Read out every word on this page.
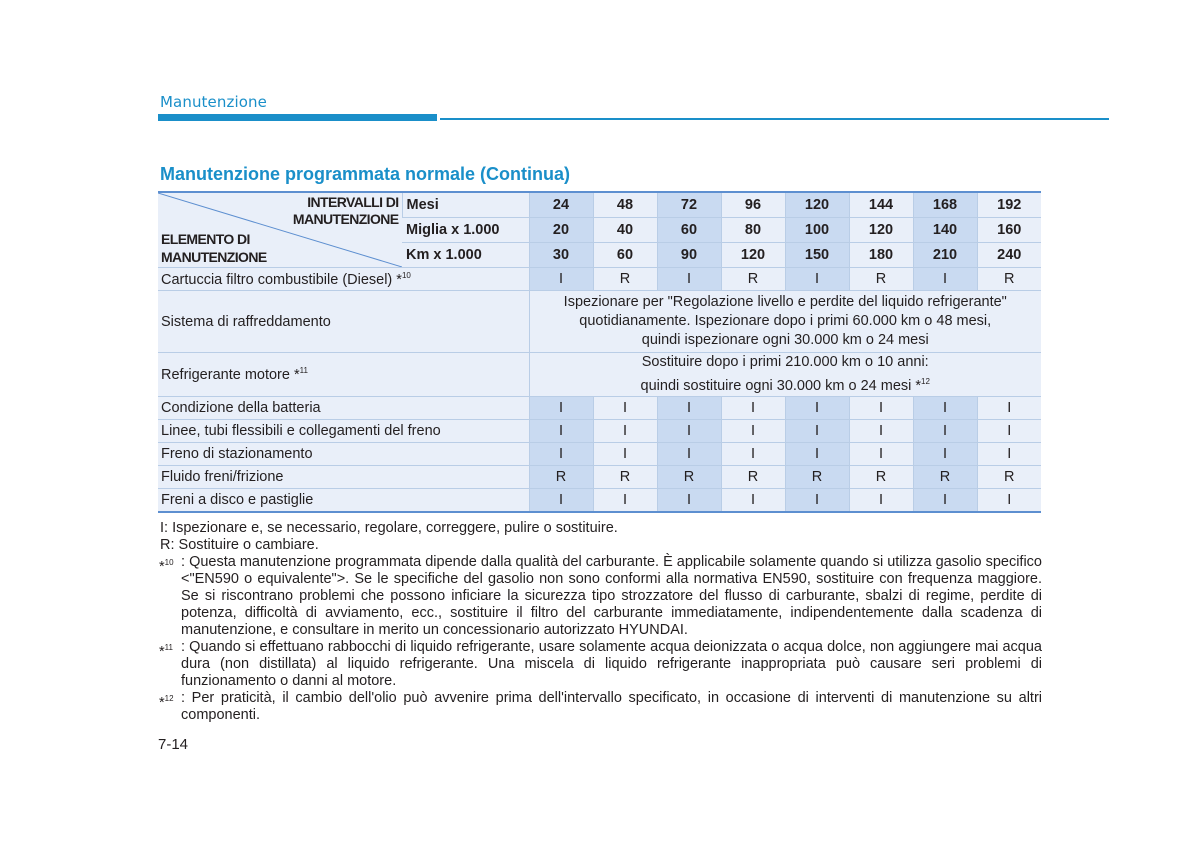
Manutenzione
Manutenzione programmata normale (Continua)
INTERVALLI DI
MANUTENZIONE
ELEMENTO DI
MANUTENZIONE	Mesi	24	48	72	96	120	144	168	192
	Miglia x 1.000	20	40	60	80	100	120	140	160
	Km x 1.000	30	60	90	120	150	180	210	240
Cartuccia filtro combustibile (Diesel) *$^{10}$		I	R	I	R	I	R	I	R
Sistema di raffreddamento		Ispezionare per "Regolazione livello e perdite del liquido refrigerante"
quotidianamente. Ispezionare dopo i primi 60.000 km o 48 mesi,
quindi ispezionare ogni 30.000 km o 24 mesi							

Refrigerante motore *$^{11}$		Sostituire dopo i primi 210.000 km o 10 anni:
quindi sostituire ogni 30.000 km o 24 mesi *$^{12}$

Condizione della batteria		I	I	I	I	I	I	I	I
Linee, tubi flessibili e collegamenti del freno		I	I	I	I	I	I	I	I
Freno di stazionamento		I	I	I	I	I	I	I	I
Fluido freni/frizione		R	R	R	R	R	R	R	R
Freni a disco e pastiglie		I	I	I	I	I	I	I	I
I: Ispezionare e, se necessario, regolare, correggere, pulire o sostituire.
R: Sostituire o cambiare.
*$^{10}$ : Questa manutenzione programmata dipende dalla qualità del carburante. È applicabile solamente quando si utilizza gasolio specifico <"EN590 o equivalente">. Se le specifiche del gasolio non sono conformi alla normativa EN590, sostituire con frequenza maggiore. Se si riscontrano problemi che possono inficiare la sicurezza tipo strozzatore del flusso di carburante, sbalzi di regime, perdite di potenza, difficoltà di avviamento, ecc., sostituire il filtro del carburante immediatamente, indipendentemente dalla scadenza di manutenzione, e consultare in merito un concessionario autorizzato HYUNDAI.
*$^{11}$ : Quando si effettuano rabbocchi di liquido refrigerante, usare solamente acqua deionizzata o acqua dolce, non aggiungere mai acqua dura (non distillata) al liquido refrigerante. Una miscela di liquido refrigerante inappropriata può causare seri problemi di funzionamento o danni al motore.
*$^{12}$ : Per praticità, il cambio dell'olio può avvenire prima dell'intervallo specificato, in occasione di interventi di manutenzione su altri componenti.
7-14
